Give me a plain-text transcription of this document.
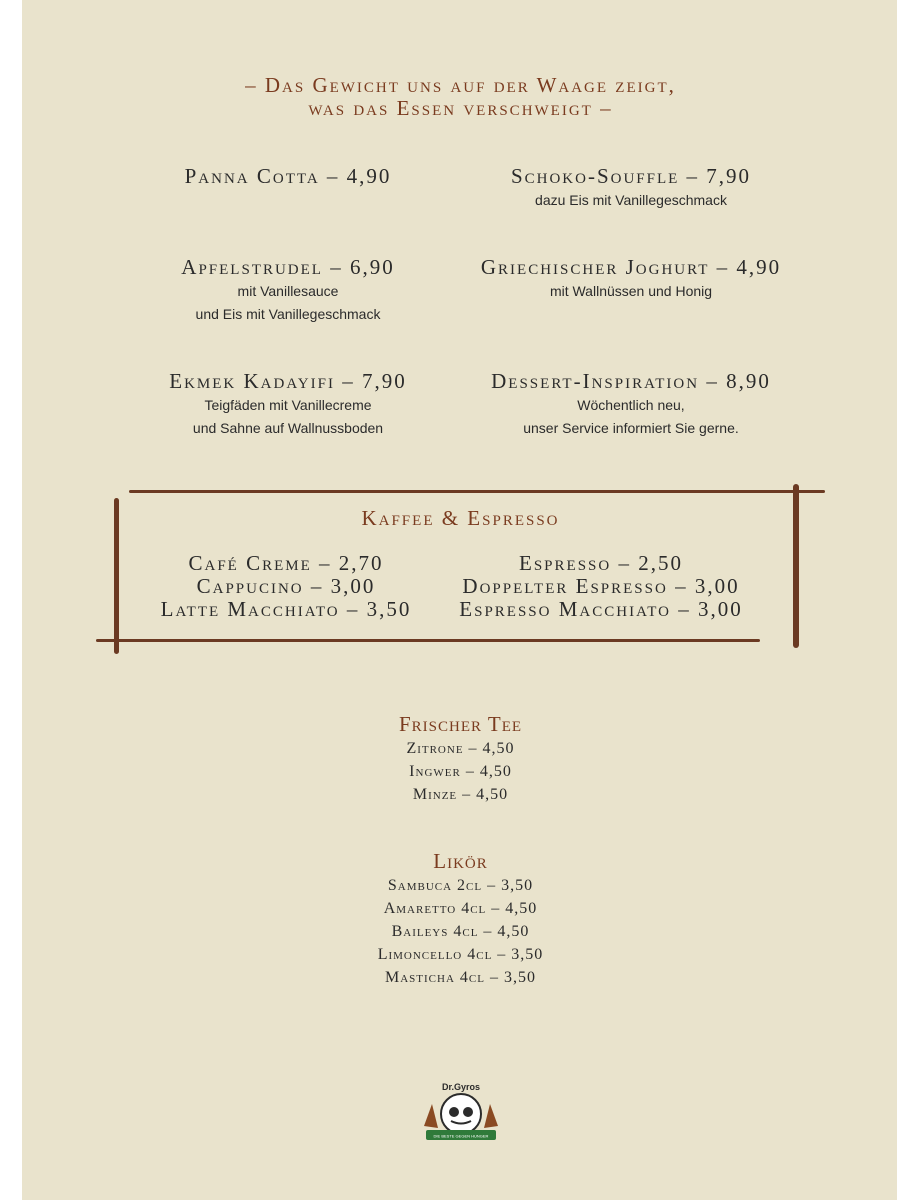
– Das Gewicht uns auf der Waage zeigt,
was das Essen verschweigt –
Panna Cotta – 4,90	Schoko-Souffle – 7,90
dazu Eis mit Vanillegeschmack
Apfelstrudel – 6,90
mit Vanillesauce
und Eis mit Vanillegeschmack
Griechischer Joghurt – 4,90
mit Wallnüssen und Honig
Ekmek Kadayifi – 7,90
Teigfäden mit Vanillecreme
und Sahne auf Wallnussboden
Dessert-Inspiration – 8,90
Wöchentlich neu,
unser Service informiert Sie gerne.
Kaffee & Espresso
Café Creme – 2,70
Cappucino – 3,00
Latte Macchiato – 3,50
Espresso – 2,50
Doppelter Espresso – 3,00
Espresso Macchiato – 3,00
Frischer Tee
Zitrone – 4,50
Ingwer – 4,50
Minze – 4,50
Likör
Sambuca 2cl – 3,50
Amaretto 4cl – 4,50
Baileys 4cl – 4,50
Limoncello 4cl – 3,50
Masticha 4cl – 3,50
Dr.Gyros
DIE BESTE GEGEN HUNGER
